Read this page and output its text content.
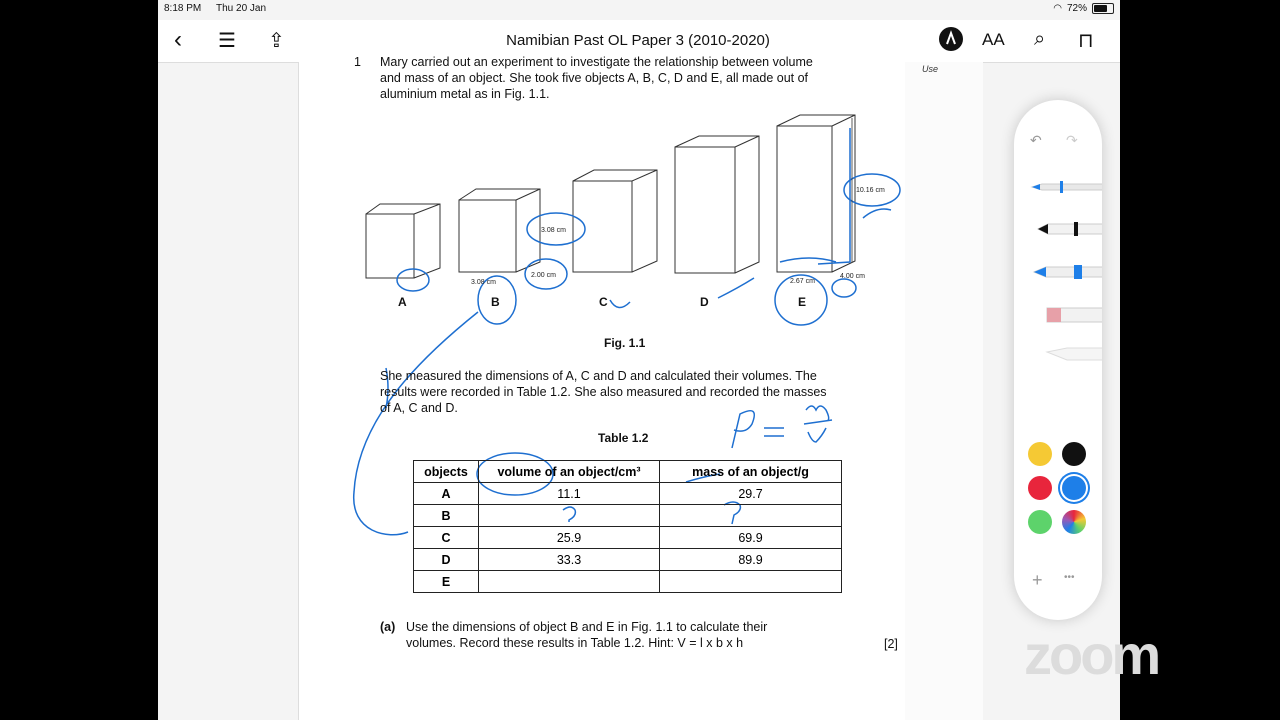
8:18 PM Thu 20 Jan	◠ 72%
‹ ☰ ⇪	Namibian Past OL Paper 3 (2010-2020)	AA ⌕ ⊓
Use
1 Mary carried out an experiment to investigate the relationship between volume
and mass of an object. She took five objects A, B, C, D and E, all made out of
aluminium metal as in Fig. 1.1.
3.08 cm
3.08 cm
2.00 cm
10.16 cm
2.67 cm
4.00 cm
A	B	C	D	E
Fig. 1.1
She measured the dimensions of A, C and D and calculated their volumes. The
results were recorded in Table 1.2. She also measured and recorded the masses
of A, C and D.
Table 1.2
objects	volume of an object/cm³	mass of an object/g
A	11.1	29.7
B		
C	25.9	69.9
D	33.3	89.9
E		
(a) Use the dimensions of object B and E in Fig. 1.1 to calculate their
volumes. Record these results in Table 1.2. Hint: V = l x b x h	[2]
↶ ↷
+ •••
zoom
